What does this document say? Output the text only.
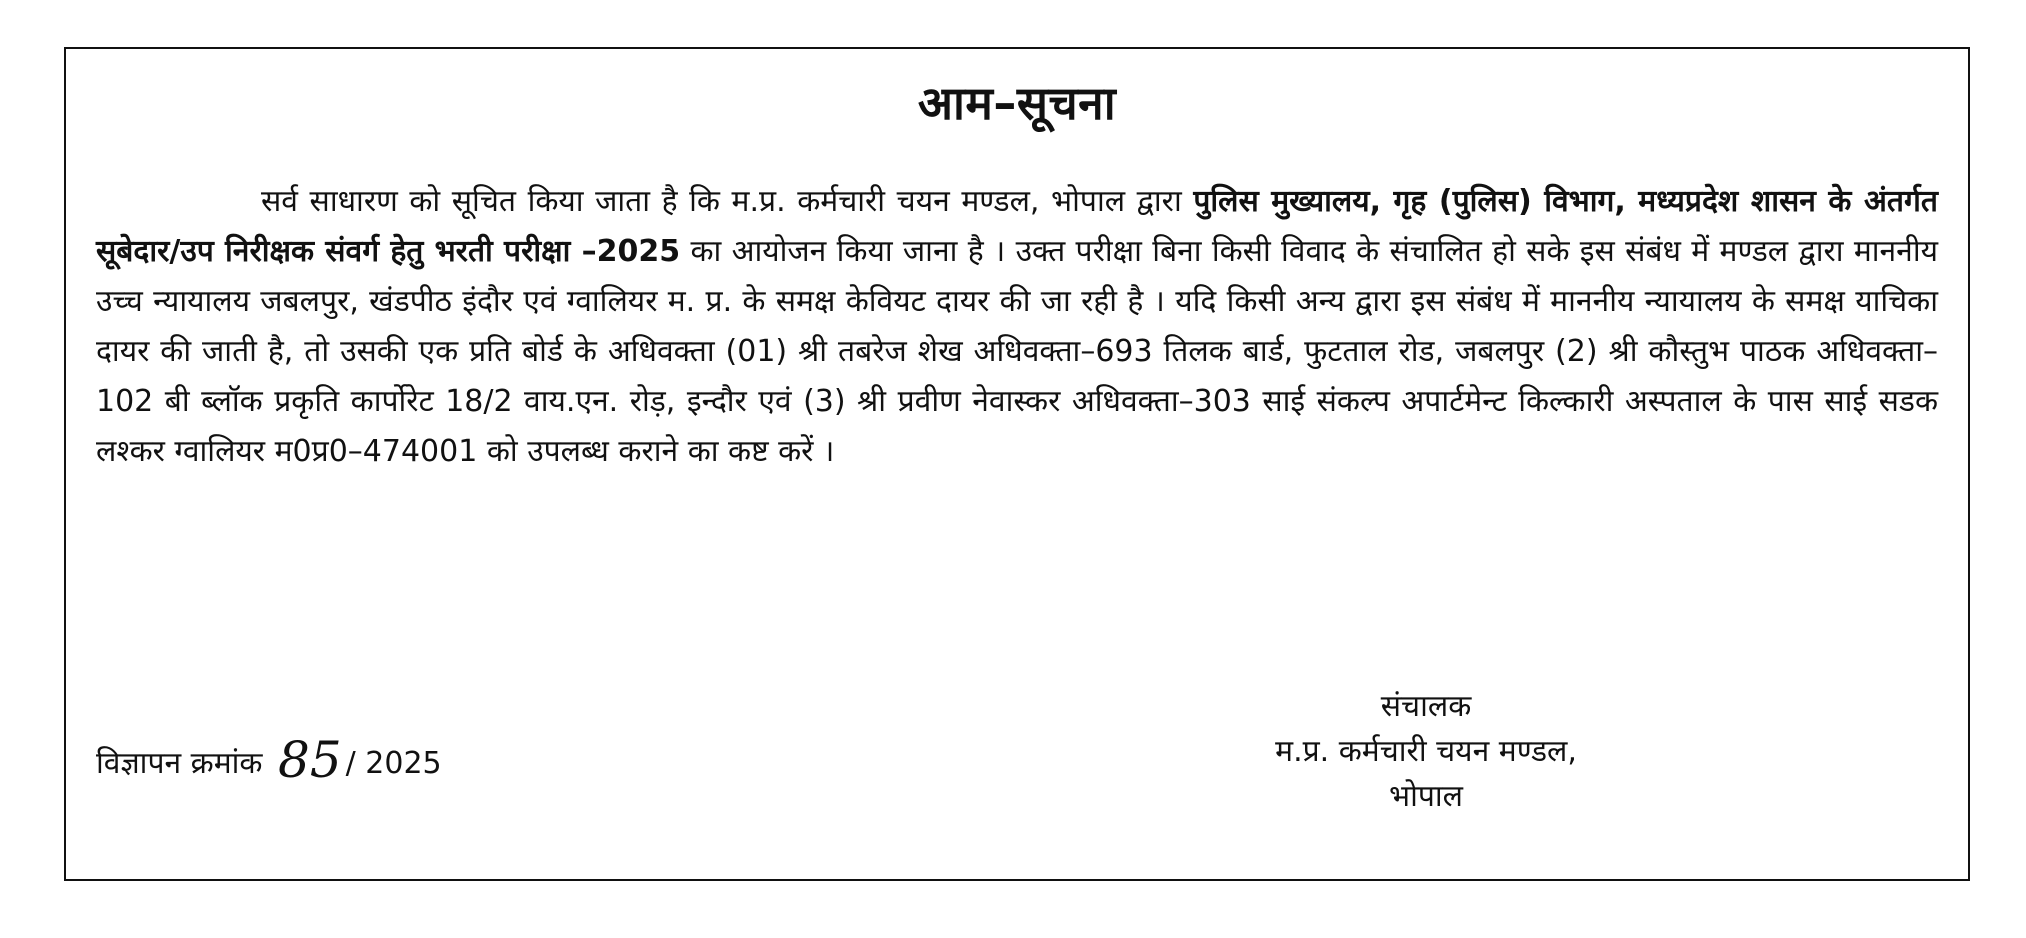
आम–सूचना

सर्व साधारण को सूचित किया जाता है कि म.प्र. कर्मचारी चयन मण्डल, भोपाल द्वारा पुलिस मुख्यालय, गृह (पुलिस) विभाग, मध्यप्रदेश शासन के अंतर्गत सूबेदार/उप निरीक्षक संवर्ग हेतु भरती परीक्षा –2025 का आयोजन किया जाना है । उक्त परीक्षा बिना किसी विवाद के संचालित हो सके इस संबंध में मण्डल द्वारा माननीय उच्च न्यायालय जबलपुर, खंडपीठ इंदौर एवं ग्वालियर म. प्र. के समक्ष केवियट दायर की जा रही है । यदि किसी अन्य द्वारा इस संबंध में माननीय न्यायालय के समक्ष याचिका दायर की जाती है, तो उसकी एक प्रति बोर्ड के अधिवक्ता (01) श्री तबरेज शेख अधिवक्ता–693 तिलक बार्ड, फुटताल रोड, जबलपुर (2) श्री कौस्तुभ पाठक अधिवक्ता–102 बी ब्लॉक प्रकृति कार्पोरेट 18/2 वाय.एन. रोड़, इन्दौर एवं (3) श्री प्रवीण नेवास्कर अधिवक्ता–303 साई संकल्प अपार्टमेन्ट किल्कारी अस्पताल के पास साई सडक लश्कर ग्वालियर म0प्र0–474001 को उपलब्ध कराने का कष्ट करें ।

विज्ञापन क्रमांक 85 / 2025
संचालक
म.प्र. कर्मचारी चयन मण्डल,
भोपाल
